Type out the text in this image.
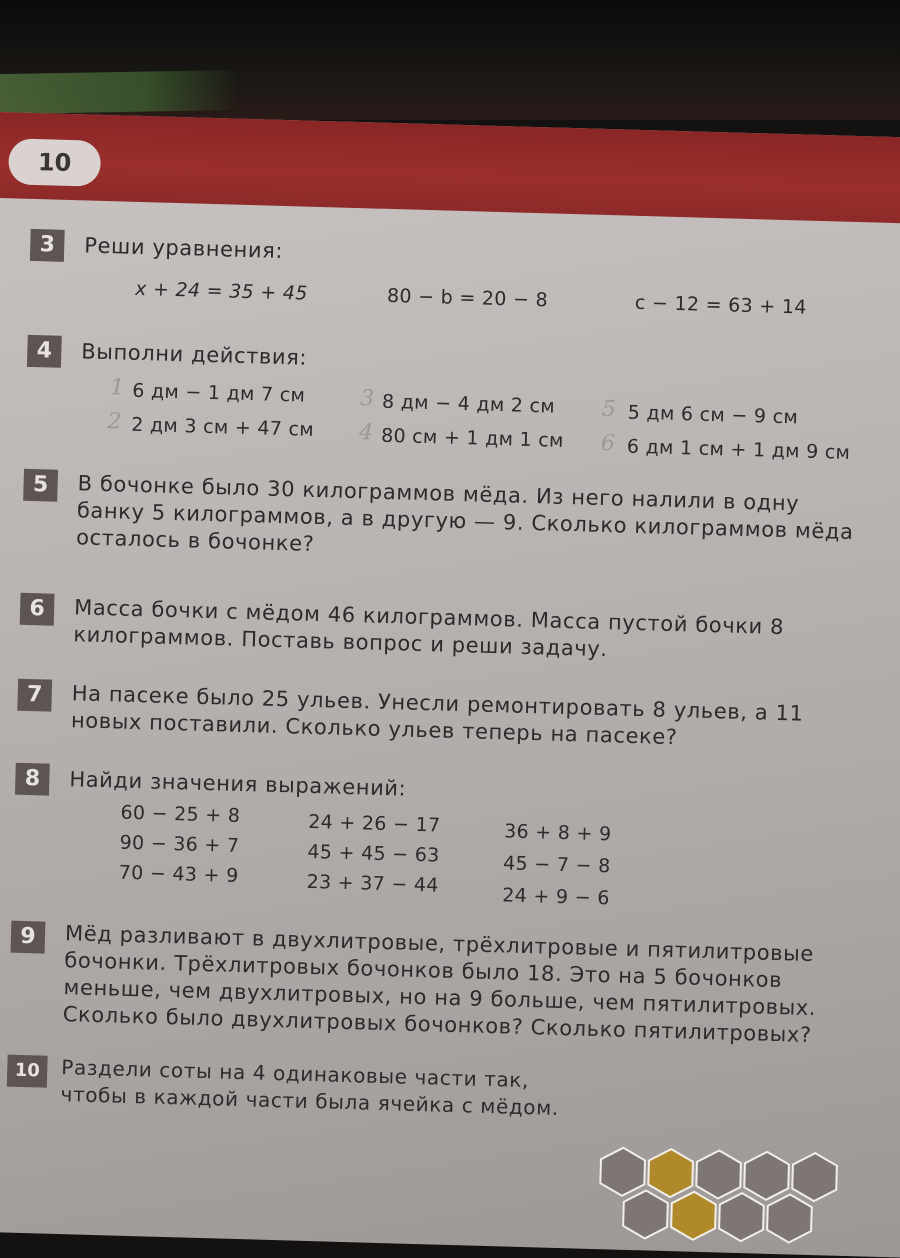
10
3	Реши уравнения:
x + 24 = 35 + 45	80 − b = 20 − 8	c − 12 = 63 + 14
4	Выполни действия:
1 6 дм − 1 дм 7 см
2 2 дм 3 см + 47 см
3 8 дм − 4 дм 2 см
4 80 см + 1 дм 1 см
5 5 дм 6 см − 9 см
6 6 дм 1 см + 1 дм 9 см
5	В бочонке было 30 килограммов мёда. Из него налили в одну банку 5 килограммов, а в другую — 9. Сколько килограммов мёда осталось в бочонке?
6	Масса бочки с мёдом 46 килограммов. Масса пустой бочки 8 килограммов. Поставь вопрос и реши задачу.
7	На пасеке было 25 ульев. Унесли ремонтировать 8 ульев, а 11 новых поставили. Сколько ульев теперь на пасеке?
8	Найди значения выражений:
60 − 25 + 8
90 − 36 + 7
70 − 43 + 9
24 + 26 − 17
45 + 45 − 63
23 + 37 − 44
36 + 8 + 9
45 − 7 − 8
24 + 9 − 6
9	Мёд разливают в двухлитровые, трёхлитровые и пятилитровые бочонки. Трёхлитровых бочонков было 18. Это на 5 бочонков меньше, чем двухлитровых, но на 9 больше, чем пятилитровых. Сколько было двухлитровых бочонков? Сколько пятилитровых?
10	Раздели соты на 4 одинаковые части так, чтобы в каждой части была ячейка с мёдом.
